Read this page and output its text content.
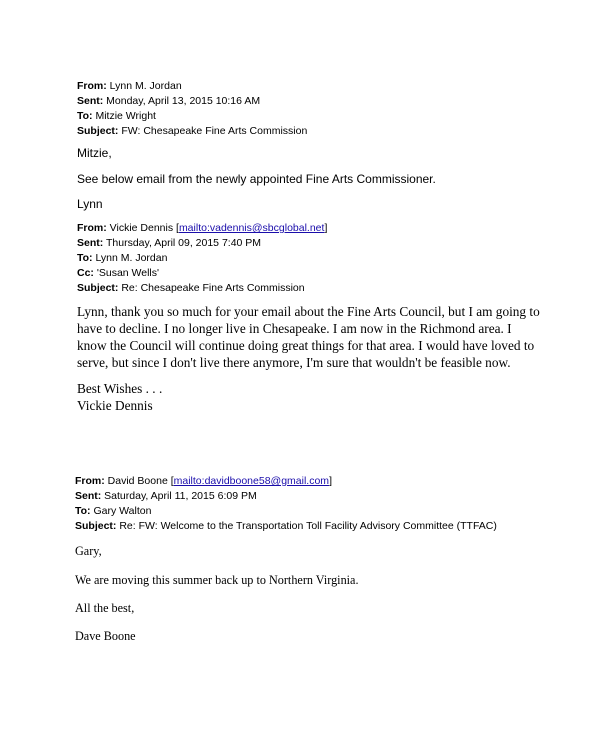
From: Lynn M. Jordan
Sent: Monday, April 13, 2015 10:16 AM
To: Mitzie Wright
Subject: FW: Chesapeake Fine Arts Commission
Mitzie,
See below email from the newly appointed Fine Arts Commissioner.
Lynn
From: Vickie Dennis [mailto:vadennis@sbcglobal.net]
Sent: Thursday, April 09, 2015 7:40 PM
To: Lynn M. Jordan
Cc: 'Susan Wells'
Subject: Re: Chesapeake Fine Arts Commission
Lynn, thank you so much for your email about the Fine Arts Council, but I am going to
have to decline. I no longer live in Chesapeake. I am now in the Richmond area. I
know the Council will continue doing great things for that area. I would have loved to
serve, but since I don't live there anymore, I'm sure that wouldn't be feasible now.
Best Wishes . . .
Vickie Dennis
From: David Boone [mailto:davidboone58@gmail.com]
Sent: Saturday, April 11, 2015 6:09 PM
To: Gary Walton
Subject: Re: FW: Welcome to the Transportation Toll Facility Advisory Committee (TTFAC)
Gary,
We are moving this summer back up to Northern Virginia.
All the best,
Dave Boone
